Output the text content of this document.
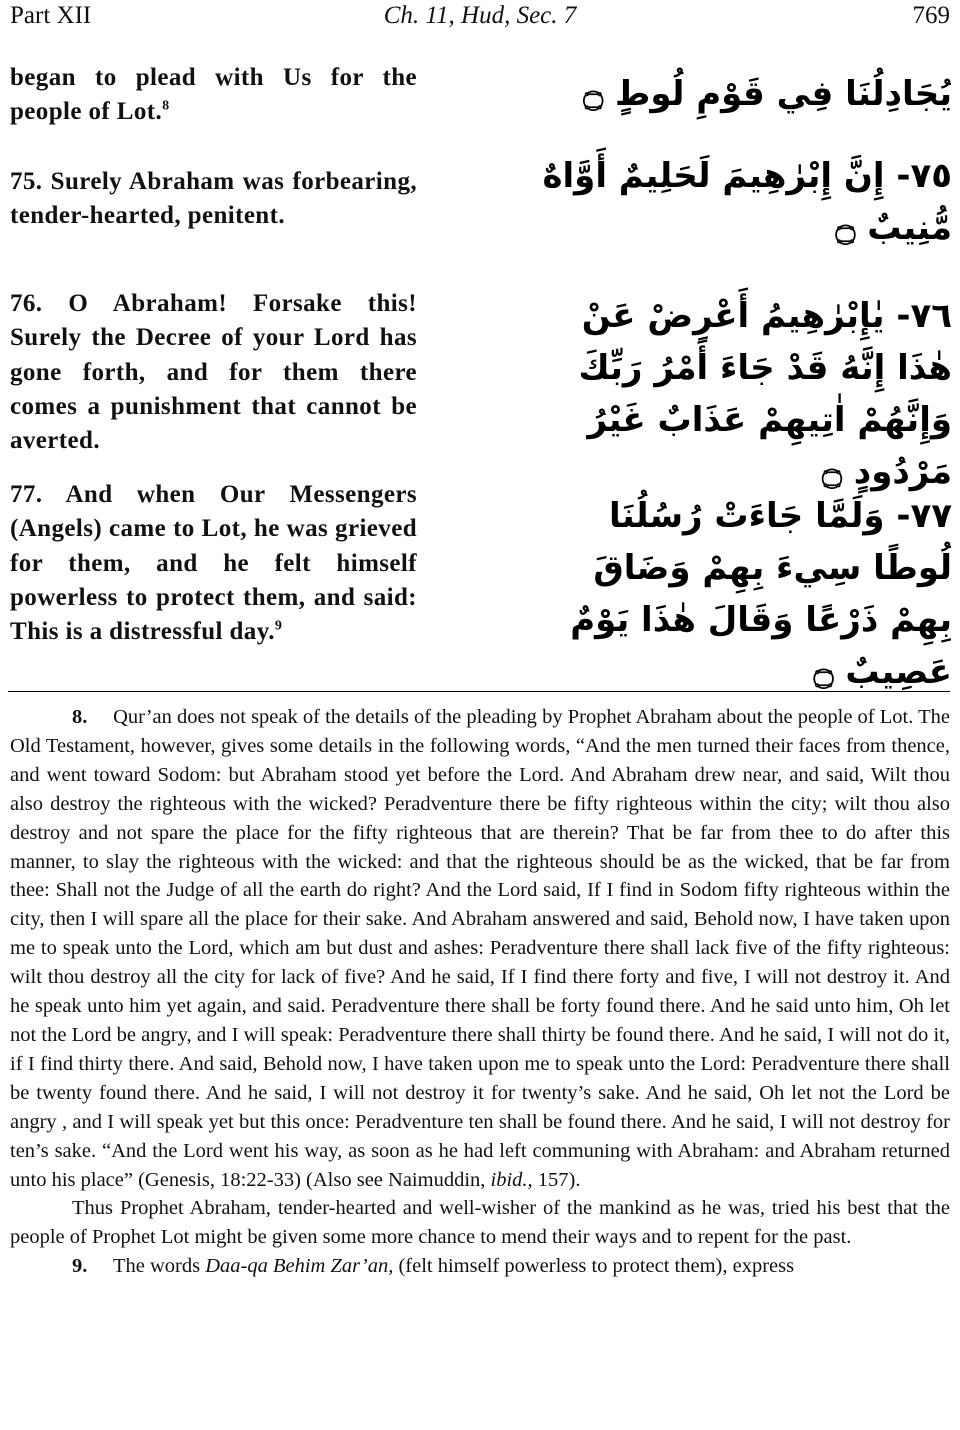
Part XII	Ch. 11, Hud, Sec. 7	769
began to plead with Us for the people of Lot.$^8$
75. Surely Abraham was forbearing, tender-hearted, penitent.
76. O Abraham! Forsake this! Surely the Decree of your Lord has gone forth, and for them there comes a punishment that cannot be averted.
77. And when Our Messengers (Angels) came to Lot, he was grieved for them, and he felt himself powerless to protect them, and said: This is a distressful day.$^9$
يُجَادِلُنَا فِي قَوْمِ لُوطٍ ۝
٧٥- إِنَّ إِبْرٰهِيمَ لَحَلِيمٌ أَوَّاهٌ مُّنِيبٌ ۝
٧٦- يٰإِبْرٰهِيمُ أَعْرِضْ عَنْ هٰذَا إِنَّهُ قَدْ جَاءَ أَمْرُ رَبِّكَ وَإِنَّهُمْ اٰتِيهِمْ عَذَابٌ غَيْرُ مَرْدُودٍ ۝
٧٧- وَلَمَّا جَاءَتْ رُسُلُنَا لُوطًا سِيءَ بِهِمْ وَضَاقَ بِهِمْ ذَرْعًا وَقَالَ هٰذَا يَوْمٌ عَصِيبٌ ۝

8. Qur’an does not speak of the details of the pleading by Prophet Abraham about the people of Lot. The Old Testament, however, gives some details in the following words, “And the men turned their faces from thence, and went toward Sodom: but Abraham stood yet before the Lord. And Abraham drew near, and said, Wilt thou also destroy the righteous with the wicked? Peradventure there be fifty righteous within the city; wilt thou also destroy and not spare the place for the fifty righteous that are therein? That be far from thee to do after this manner, to slay the righteous with the wicked: and that the righteous should be as the wicked, that be far from thee: Shall not the Judge of all the earth do right? And the Lord said, If I find in Sodom fifty righteous within the city, then I will spare all the place for their sake. And Abraham answered and said, Behold now, I have taken upon me to speak unto the Lord, which am but dust and ashes: Peradventure there shall lack five of the fifty righteous: wilt thou destroy all the city for lack of five? And he said, If I find there forty and five, I will not destroy it. And he speak unto him yet again, and said. Peradventure there shall be forty found there. And he said unto him, Oh let not the Lord be angry, and I will speak: Peradventure there shall thirty be found there. And he said, I will not do it, if I find thirty there. And said, Behold now, I have taken upon me to speak unto the Lord: Peradventure there shall be twenty found there. And he said, I will not destroy it for twenty’s sake. And he said, Oh let not the Lord be angry , and I will speak yet but this once: Peradventure ten shall be found there. And he said, I will not destroy for ten’s sake. “And the Lord went his way, as soon as he had left communing with Abraham: and Abraham returned unto his place” (Genesis, 18:22-33) (Also see Naimuddin, ibid., 157).

Thus Prophet Abraham, tender-hearted and well-wisher of the mankind as he was, tried his best that the people of Prophet Lot might be given some more chance to mend their ways and to repent for the past.

9. The words Daa-qa Behim Zar’an, (felt himself powerless to protect them), express
